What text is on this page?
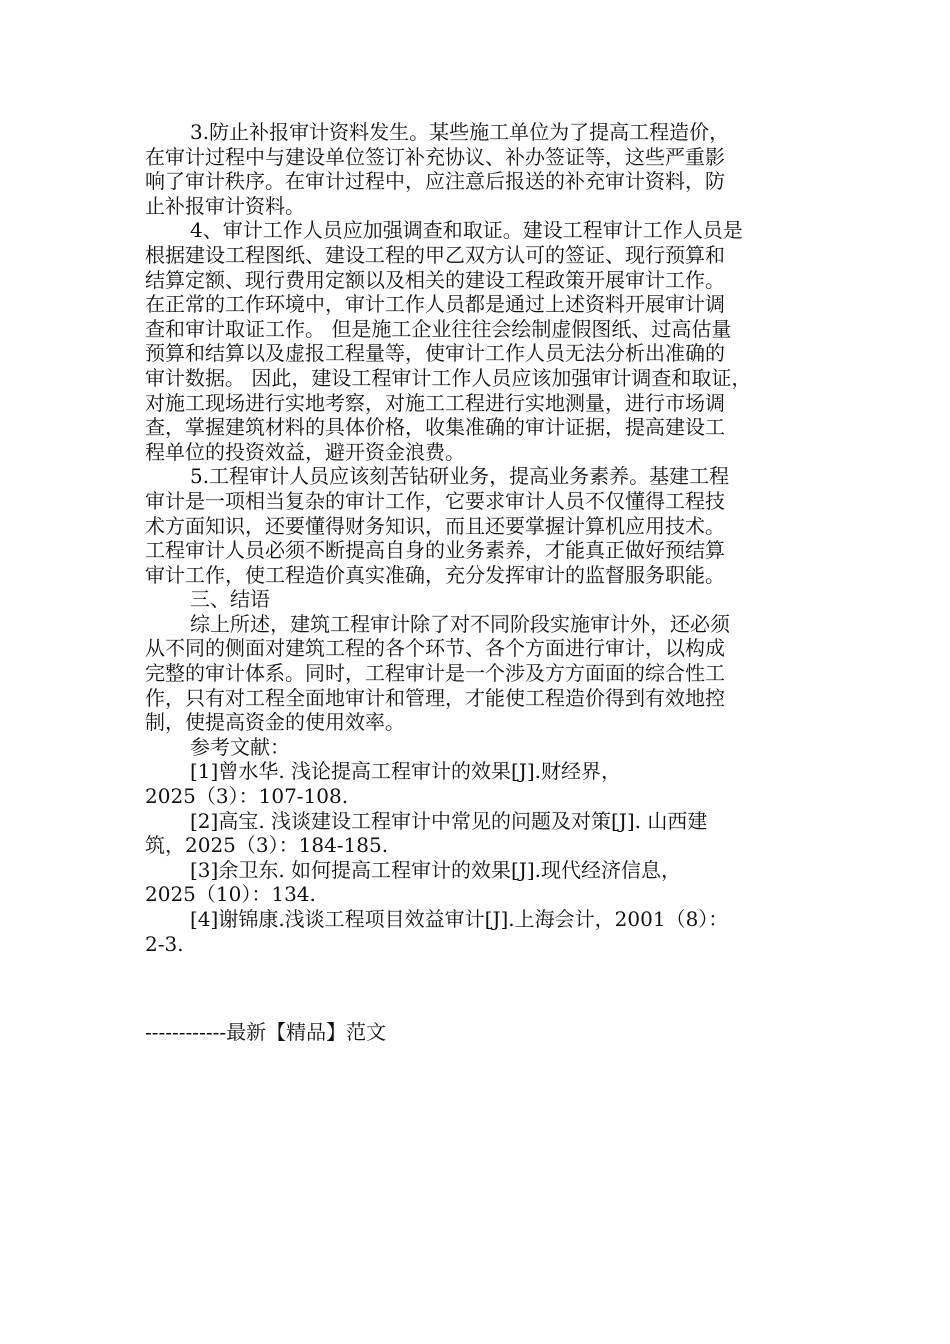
3.防止补报审计资料发生。某些施工单位为了提高工程造价，

在审计过程中与建设单位签订补充协议、补办签证等，这些严重影

响了审计秩序。在审计过程中，应注意后报送的补充审计资料，防

止补报审计资料。

4、审计工作人员应加强调查和取证。建设工程审计工作人员是

根据建设工程图纸、建设工程的甲乙双方认可的签证、现行预算和

结算定额、现行费用定额以及相关的建设工程政策开展审计工作。

在正常的工作环境中，审计工作人员都是通过上述资料开展审计调

查和审计取证工作。 但是施工企业往往会绘制虚假图纸、过高估量

预算和结算以及虚报工程量等，使审计工作人员无法分析出准确的

审计数据。 因此，建设工程审计工作人员应该加强审计调查和取证，

对施工现场进行实地考察，对施工工程进行实地测量，进行市场调

查，掌握建筑材料的具体价格，收集准确的审计证据，提高建设工

程单位的投资效益，避开资金浪费。

5.工程审计人员应该刻苦钻研业务，提高业务素养。基建工程

审计是一项相当复杂的审计工作，它要求审计人员不仅懂得工程技

术方面知识，还要懂得财务知识，而且还要掌握计算机应用技术。

工程审计人员必须不断提高自身的业务素养，才能真正做好预结算

审计工作，使工程造价真实准确，充分发挥审计的监督服务职能。

三、结语

综上所述，建筑工程审计除了对不同阶段实施审计外，还必须

从不同的侧面对建筑工程的各个环节、各个方面进行审计，以构成

完整的审计体系。同时，工程审计是一个涉及方方面面的综合性工

作，只有对工程全面地审计和管理，才能使工程造价得到有效地控

制，使提高资金的使用效率。

参考文献：

[1]曾水华. 浅论提高工程审计的效果[J].财经界，

2025（3）：107-108.

[2]高宝. 浅谈建设工程审计中常见的问题及对策[J]. 山西建

筑，2025（3）：184-185.

[3]余卫东. 如何提高工程审计的效果[J].现代经济信息，

2025（10）：134.

[4]谢锦康.浅谈工程项目效益审计[J].上海会计，2001（8）：

2-3.

------------最新【精品】范文
